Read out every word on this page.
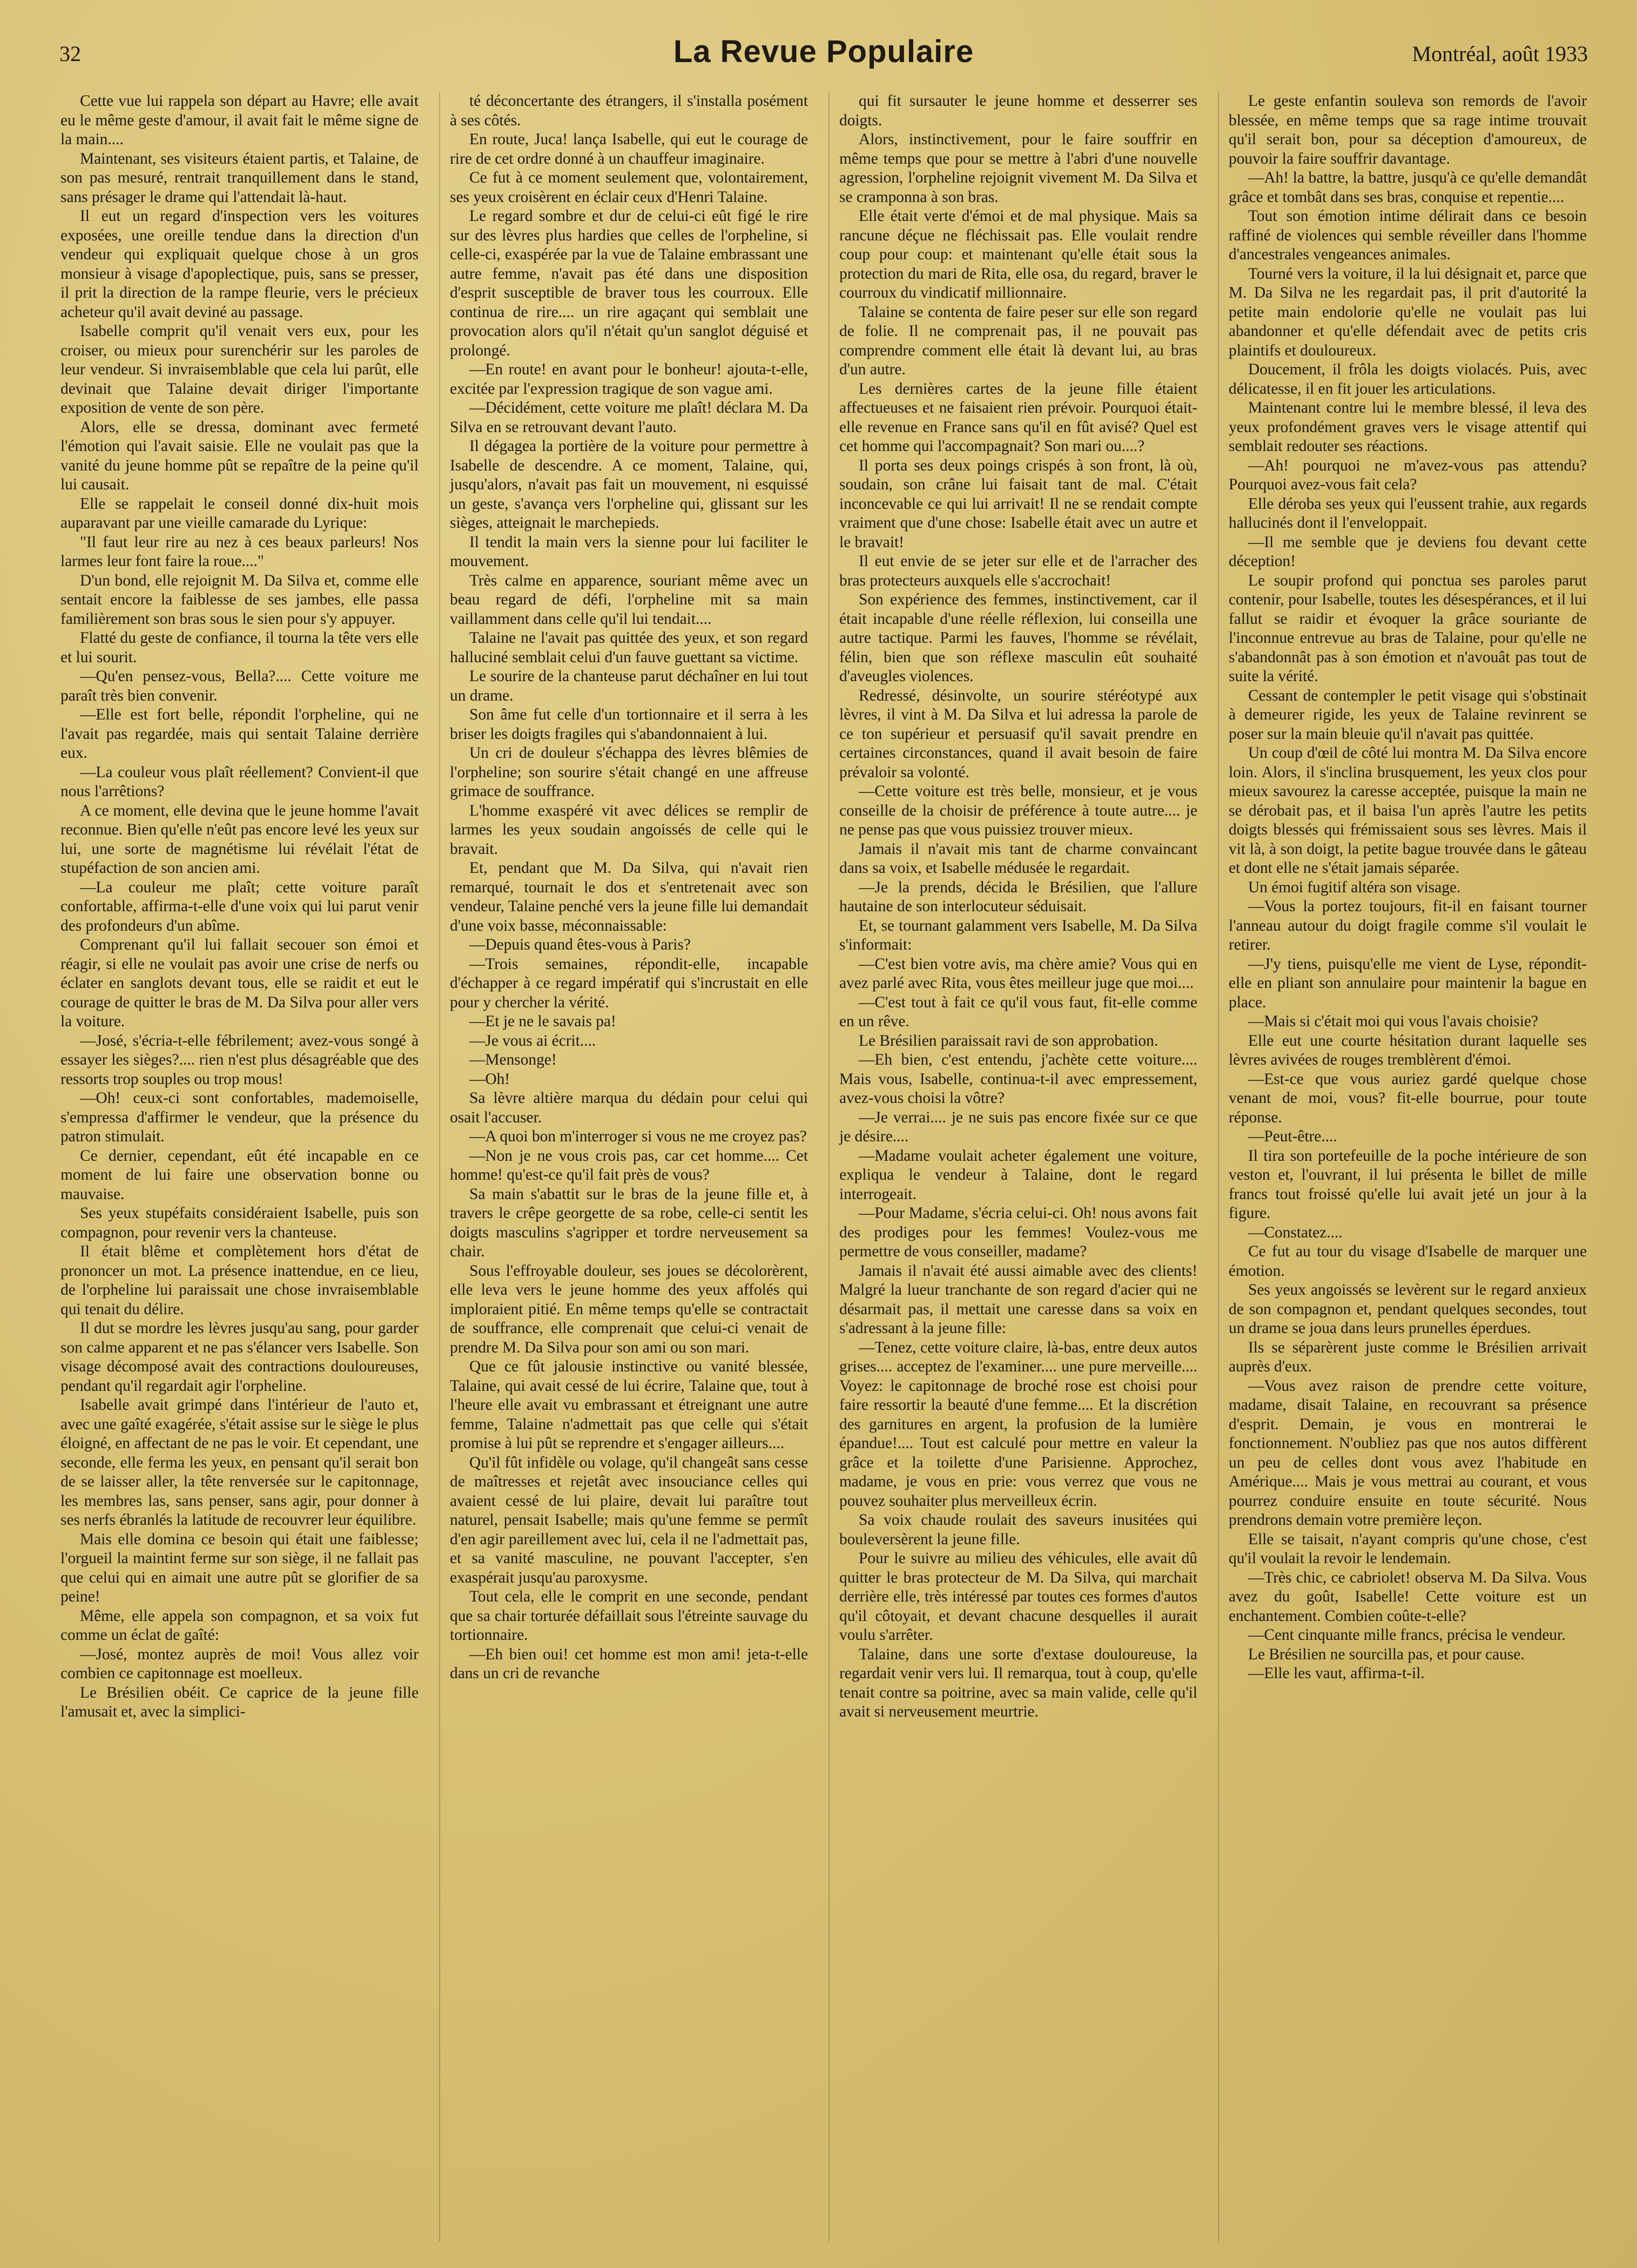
32	La Revue Populaire	Montréal, août 1933

Cette vue lui rappela son départ au Havre; elle avait eu le même geste d'amour, il avait fait le même signe de la main....

Maintenant, ses visiteurs étaient partis, et Talaine, de son pas mesuré, rentrait tranquillement dans le stand, sans présager le drame qui l'attendait là-haut.

Il eut un regard d'inspection vers les voitures exposées, une oreille tendue dans la direction d'un vendeur qui expliquait quelque chose à un gros monsieur à visage d'apoplectique, puis, sans se presser, il prit la direction de la rampe fleurie, vers le précieux acheteur qu'il avait deviné au passage.

Isabelle comprit qu'il venait vers eux, pour les croiser, ou mieux pour surenchérir sur les paroles de leur vendeur. Si invraisemblable que cela lui parût, elle devinait que Talaine devait diriger l'importante exposition de vente de son père.

Alors, elle se dressa, dominant avec fermeté l'émotion qui l'avait saisie. Elle ne voulait pas que la vanité du jeune homme pût se repaître de la peine qu'il lui causait.

Elle se rappelait le conseil donné dix-huit mois auparavant par une vieille camarade du Lyrique:

"Il faut leur rire au nez à ces beaux parleurs! Nos larmes leur font faire la roue...."

D'un bond, elle rejoignit M. Da Silva et, comme elle sentait encore la faiblesse de ses jambes, elle passa familièrement son bras sous le sien pour s'y appuyer.

Flatté du geste de confiance, il tourna la tête vers elle et lui sourit.

—Qu'en pensez-vous, Bella?.... Cette voiture me paraît très bien convenir.

—Elle est fort belle, répondit l'orpheline, qui ne l'avait pas regardée, mais qui sentait Talaine derrière eux.

—La couleur vous plaît réellement? Convient-il que nous l'arrêtions?

A ce moment, elle devina que le jeune homme l'avait reconnue. Bien qu'elle n'eût pas encore levé les yeux sur lui, une sorte de magnétisme lui révélait l'état de stupéfaction de son ancien ami.

—La couleur me plaît; cette voiture paraît confortable, affirma-t-elle d'une voix qui lui parut venir des profondeurs d'un abîme.

Comprenant qu'il lui fallait secouer son émoi et réagir, si elle ne voulait pas avoir une crise de nerfs ou éclater en sanglots devant tous, elle se raidit et eut le courage de quitter le bras de M. Da Silva pour aller vers la voiture.

—José, s'écria-t-elle fébrilement; avez-vous songé à essayer les sièges?.... rien n'est plus désagréable que des ressorts trop souples ou trop mous!

—Oh! ceux-ci sont confortables, mademoiselle, s'empressa d'affirmer le vendeur, que la présence du patron stimulait.

Ce dernier, cependant, eût été incapable en ce moment de lui faire une observation bonne ou mauvaise.

Ses yeux stupéfaits considéraient Isabelle, puis son compagnon, pour revenir vers la chanteuse.

Il était blême et complètement hors d'état de prononcer un mot. La présence inattendue, en ce lieu, de l'orpheline lui paraissait une chose invraisemblable qui tenait du délire.

Il dut se mordre les lèvres jusqu'au sang, pour garder son calme apparent et ne pas s'élancer vers Isabelle. Son visage décomposé avait des contractions douloureuses, pendant qu'il regardait agir l'orpheline.

Isabelle avait grimpé dans l'intérieur de l'auto et, avec une gaîté exagérée, s'était assise sur le siège le plus éloigné, en affectant de ne pas le voir. Et cependant, une seconde, elle ferma les yeux, en pensant qu'il serait bon de se laisser aller, la tête renversée sur le capitonnage, les membres las, sans penser, sans agir, pour donner à ses nerfs ébranlés la latitude de recouvrer leur équilibre.

Mais elle domina ce besoin qui était une faiblesse; l'orgueil la maintint ferme sur son siège, il ne fallait pas que celui qui en aimait une autre pût se glorifier de sa peine!

Même, elle appela son compagnon, et sa voix fut comme un éclat de gaîté:

—José, montez auprès de moi! Vous allez voir combien ce capitonnage est moelleux.

Le Brésilien obéit. Ce caprice de la jeune fille l'amusait et, avec la simplici-

té déconcertante des étrangers, il s'installa posément à ses côtés.

En route, Juca! lança Isabelle, qui eut le courage de rire de cet ordre donné à un chauffeur imaginaire.

Ce fut à ce moment seulement que, volontairement, ses yeux croisèrent en éclair ceux d'Henri Talaine.

Le regard sombre et dur de celui-ci eût figé le rire sur des lèvres plus hardies que celles de l'orpheline, si celle-ci, exaspérée par la vue de Talaine embrassant une autre femme, n'avait pas été dans une disposition d'esprit susceptible de braver tous les courroux. Elle continua de rire.... un rire agaçant qui semblait une provocation alors qu'il n'était qu'un sanglot déguisé et prolongé.

—En route! en avant pour le bonheur! ajouta-t-elle, excitée par l'expression tragique de son vague ami.

—Décidément, cette voiture me plaît! déclara M. Da Silva en se retrouvant devant l'auto.

Il dégagea la portière de la voiture pour permettre à Isabelle de descendre. A ce moment, Talaine, qui, jusqu'alors, n'avait pas fait un mouvement, ni esquissé un geste, s'avança vers l'orpheline qui, glissant sur les sièges, atteignait le marchepieds.

Il tendit la main vers la sienne pour lui faciliter le mouvement.

Très calme en apparence, souriant même avec un beau regard de défi, l'orpheline mit sa main vaillamment dans celle qu'il lui tendait....

Talaine ne l'avait pas quittée des yeux, et son regard halluciné semblait celui d'un fauve guettant sa victime.

Le sourire de la chanteuse parut déchaîner en lui tout un drame.

Son âme fut celle d'un tortionnaire et il serra à les briser les doigts fragiles qui s'abandonnaient à lui.

Un cri de douleur s'échappa des lèvres blêmies de l'orpheline; son sourire s'était changé en une affreuse grimace de souffrance.

L'homme exaspéré vit avec délices se remplir de larmes les yeux soudain angoissés de celle qui le bravait.

Et, pendant que M. Da Silva, qui n'avait rien remarqué, tournait le dos et s'entretenait avec son vendeur, Talaine penché vers la jeune fille lui demandait d'une voix basse, méconnaissable:

—Depuis quand êtes-vous à Paris?

—Trois semaines, répondit-elle, incapable d'échapper à ce regard impératif qui s'incrustait en elle pour y chercher la vérité.

—Et je ne le savais pa!

—Je vous ai écrit....

—Mensonge!

—Oh!

Sa lèvre altière marqua du dédain pour celui qui osait l'accuser.

—A quoi bon m'interroger si vous ne me croyez pas?

—Non je ne vous crois pas, car cet homme.... Cet homme! qu'est-ce qu'il fait près de vous?

Sa main s'abattit sur le bras de la jeune fille et, à travers le crêpe georgette de sa robe, celle-ci sentit les doigts masculins s'agripper et tordre nerveusement sa chair.

Sous l'effroyable douleur, ses joues se décolorèrent, elle leva vers le jeune homme des yeux affolés qui imploraient pitié. En même temps qu'elle se contractait de souffrance, elle comprenait que celui-ci venait de prendre M. Da Silva pour son ami ou son mari.

Que ce fût jalousie instinctive ou vanité blessée, Talaine, qui avait cessé de lui écrire, Talaine que, tout à l'heure elle avait vu embrassant et étreignant une autre femme, Talaine n'admettait pas que celle qui s'était promise à lui pût se reprendre et s'engager ailleurs....

Qu'il fût infidèle ou volage, qu'il changeât sans cesse de maîtresses et rejetât avec insouciance celles qui avaient cessé de lui plaire, devait lui paraître tout naturel, pensait Isabelle; mais qu'une femme se permît d'en agir pareillement avec lui, cela il ne l'admettait pas, et sa vanité masculine, ne pouvant l'accepter, s'en exaspérait jusqu'au paroxysme.

Tout cela, elle le comprit en une seconde, pendant que sa chair torturée défaillait sous l'étreinte sauvage du tortionnaire.

—Eh bien oui! cet homme est mon ami! jeta-t-elle dans un cri de revanche

qui fit sursauter le jeune homme et desserrer ses doigts.

Alors, instinctivement, pour le faire souffrir en même temps que pour se mettre à l'abri d'une nouvelle agression, l'orpheline rejoignit vivement M. Da Silva et se cramponna à son bras.

Elle était verte d'émoi et de mal physique. Mais sa rancune déçue ne fléchissait pas. Elle voulait rendre coup pour coup: et maintenant qu'elle était sous la protection du mari de Rita, elle osa, du regard, braver le courroux du vindicatif millionnaire.

Talaine se contenta de faire peser sur elle son regard de folie. Il ne comprenait pas, il ne pouvait pas comprendre comment elle était là devant lui, au bras d'un autre.

Les dernières cartes de la jeune fille étaient affectueuses et ne faisaient rien prévoir. Pourquoi était-elle revenue en France sans qu'il en fût avisé? Quel est cet homme qui l'accompagnait? Son mari ou....?

Il porta ses deux poings crispés à son front, là où, soudain, son crâne lui faisait tant de mal. C'était inconcevable ce qui lui arrivait! Il ne se rendait compte vraiment que d'une chose: Isabelle était avec un autre et le bravait!

Il eut envie de se jeter sur elle et de l'arracher des bras protecteurs auxquels elle s'accrochait!

Son expérience des femmes, instinctivement, car il était incapable d'une réelle réflexion, lui conseilla une autre tactique. Parmi les fauves, l'homme se révélait, félin, bien que son réflexe masculin eût souhaité d'aveugles violences.

Redressé, désinvolte, un sourire stéréotypé aux lèvres, il vint à M. Da Silva et lui adressa la parole de ce ton supérieur et persuasif qu'il savait prendre en certaines circonstances, quand il avait besoin de faire prévaloir sa volonté.

—Cette voiture est très belle, monsieur, et je vous conseille de la choisir de préférence à toute autre.... je ne pense pas que vous puissiez trouver mieux.

Jamais il n'avait mis tant de charme convaincant dans sa voix, et Isabelle médusée le regardait.

—Je la prends, décida le Brésilien, que l'allure hautaine de son interlocuteur séduisait.

Et, se tournant galamment vers Isabelle, M. Da Silva s'informait:

—C'est bien votre avis, ma chère amie? Vous qui en avez parlé avec Rita, vous êtes meilleur juge que moi....

—C'est tout à fait ce qu'il vous faut, fit-elle comme en un rêve.

Le Brésilien paraissait ravi de son approbation.

—Eh bien, c'est entendu, j'achète cette voiture.... Mais vous, Isabelle, continua-t-il avec empressement, avez-vous choisi la vôtre?

—Je verrai.... je ne suis pas encore fixée sur ce que je désire....

—Madame voulait acheter également une voiture, expliqua le vendeur à Talaine, dont le regard interrogeait.

—Pour Madame, s'écria celui-ci. Oh! nous avons fait des prodiges pour les femmes! Voulez-vous me permettre de vous conseiller, madame?

Jamais il n'avait été aussi aimable avec des clients! Malgré la lueur tranchante de son regard d'acier qui ne désarmait pas, il mettait une caresse dans sa voix en s'adressant à la jeune fille:

—Tenez, cette voiture claire, là-bas, entre deux autos grises.... acceptez de l'examiner.... une pure merveille.... Voyez: le capitonnage de broché rose est choisi pour faire ressortir la beauté d'une femme.... Et la discrétion des garnitures en argent, la profusion de la lumière épandue!.... Tout est calculé pour mettre en valeur la grâce et la toilette d'une Parisienne. Approchez, madame, je vous en prie: vous verrez que vous ne pouvez souhaiter plus merveilleux écrin.

Sa voix chaude roulait des saveurs inusitées qui bouleversèrent la jeune fille.

Pour le suivre au milieu des véhicules, elle avait dû quitter le bras protecteur de M. Da Silva, qui marchait derrière elle, très intéressé par toutes ces formes d'autos qu'il côtoyait, et devant chacune desquelles il aurait voulu s'arrêter.

Talaine, dans une sorte d'extase douloureuse, la regardait venir vers lui. Il remarqua, tout à coup, qu'elle tenait contre sa poitrine, avec sa main valide, celle qu'il avait si nerveusement meurtrie.

Le geste enfantin souleva son remords de l'avoir blessée, en même temps que sa rage intime trouvait qu'il serait bon, pour sa déception d'amoureux, de pouvoir la faire souffrir davantage.

—Ah! la battre, la battre, jusqu'à ce qu'elle demandât grâce et tombât dans ses bras, conquise et repentie....

Tout son émotion intime délirait dans ce besoin raffiné de violences qui semble réveiller dans l'homme d'ancestrales vengeances animales.

Tourné vers la voiture, il la lui désignait et, parce que M. Da Silva ne les regardait pas, il prit d'autorité la petite main endolorie qu'elle ne voulait pas lui abandonner et qu'elle défendait avec de petits cris plaintifs et douloureux.

Doucement, il frôla les doigts violacés. Puis, avec délicatesse, il en fit jouer les articulations.

Maintenant contre lui le membre blessé, il leva des yeux profondément graves vers le visage attentif qui semblait redouter ses réactions.

—Ah! pourquoi ne m'avez-vous pas attendu? Pourquoi avez-vous fait cela?

Elle déroba ses yeux qui l'eussent trahie, aux regards hallucinés dont il l'enveloppait.

—Il me semble que je deviens fou devant cette déception!

Le soupir profond qui ponctua ses paroles parut contenir, pour Isabelle, toutes les désespérances, et il lui fallut se raidir et évoquer la grâce souriante de l'inconnue entrevue au bras de Talaine, pour qu'elle ne s'abandonnât pas à son émotion et n'avouât pas tout de suite la vérité.

Cessant de contempler le petit visage qui s'obstinait à demeurer rigide, les yeux de Talaine revinrent se poser sur la main bleuie qu'il n'avait pas quittée.

Un coup d'œil de côté lui montra M. Da Silva encore loin. Alors, il s'inclina brusquement, les yeux clos pour mieux savourez la caresse acceptée, puisque la main ne se dérobait pas, et il baisa l'un après l'autre les petits doigts blessés qui frémissaient sous ses lèvres. Mais il vit là, à son doigt, la petite bague trouvée dans le gâteau et dont elle ne s'était jamais séparée.

Un émoi fugitif altéra son visage.

—Vous la portez toujours, fit-il en faisant tourner l'anneau autour du doigt fragile comme s'il voulait le retirer.

—J'y tiens, puisqu'elle me vient de Lyse, répondit-elle en pliant son annulaire pour maintenir la bague en place.

—Mais si c'était moi qui vous l'avais choisie?

Elle eut une courte hésitation durant laquelle ses lèvres avivées de rouges tremblèrent d'émoi.

—Est-ce que vous auriez gardé quelque chose venant de moi, vous? fit-elle bourrue, pour toute réponse.

—Peut-être....

Il tira son portefeuille de la poche intérieure de son veston et, l'ouvrant, il lui présenta le billet de mille francs tout froissé qu'elle lui avait jeté un jour à la figure.

—Constatez....

Ce fut au tour du visage d'Isabelle de marquer une émotion.

Ses yeux angoissés se levèrent sur le regard anxieux de son compagnon et, pendant quelques secondes, tout un drame se joua dans leurs prunelles éperdues.

Ils se séparèrent juste comme le Brésilien arrivait auprès d'eux.

—Vous avez raison de prendre cette voiture, madame, disait Talaine, en recouvrant sa présence d'esprit. Demain, je vous en montrerai le fonctionnement. N'oubliez pas que nos autos diffèrent un peu de celles dont vous avez l'habitude en Amérique.... Mais je vous mettrai au courant, et vous pourrez conduire ensuite en toute sécurité. Nous prendrons demain votre première leçon.

Elle se taisait, n'ayant compris qu'une chose, c'est qu'il voulait la revoir le lendemain.

—Très chic, ce cabriolet! observa M. Da Silva. Vous avez du goût, Isabelle! Cette voiture est un enchantement. Combien coûte-t-elle?

—Cent cinquante mille francs, précisa le vendeur.

Le Brésilien ne sourcilla pas, et pour cause.

—Elle les vaut, affirma-t-il.
